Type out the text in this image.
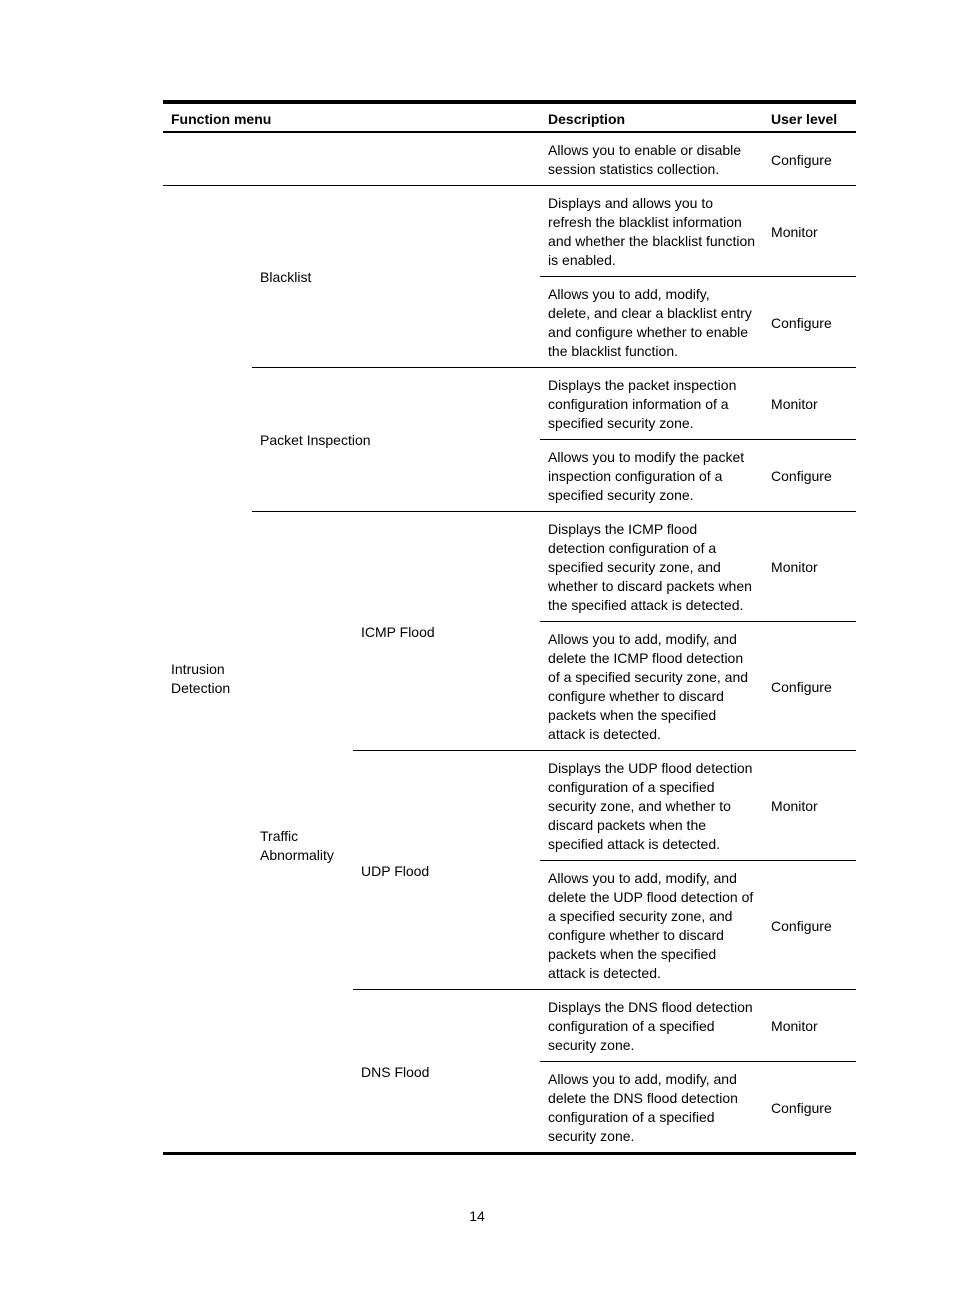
Function menu			Description	User level
			Allows you to enable or disable session statistics collection.	Configure
Intrusion Detection	Blacklist		Displays and allows you to refresh the blacklist information and whether the blacklist function is enabled.	Monitor
			Allows you to add, modify, delete, and clear a blacklist entry and configure whether to enable the blacklist function.	Configure
	Packet Inspection		Displays the packet inspection configuration information of a specified security zone.	Monitor
			Allows you to modify the packet inspection configuration of a specified security zone.	Configure
	Traffic Abnormality	ICMP Flood	Displays the ICMP flood detection configuration of a specified security zone, and whether to discard packets when the specified attack is detected.	Monitor
			Allows you to add, modify, and delete the ICMP flood detection of a specified security zone, and configure whether to discard packets when the specified attack is detected.	Configure
		UDP Flood	Displays the UDP flood detection configuration of a specified security zone, and whether to discard packets when the specified attack is detected.	Monitor
			Allows you to add, modify, and delete the UDP flood detection of a specified security zone, and configure whether to discard packets when the specified attack is detected.	Configure
		DNS Flood	Displays the DNS flood detection configuration of a specified security zone.	Monitor
			Allows you to add, modify, and delete the DNS flood detection configuration of a specified security zone.	Configure
14
